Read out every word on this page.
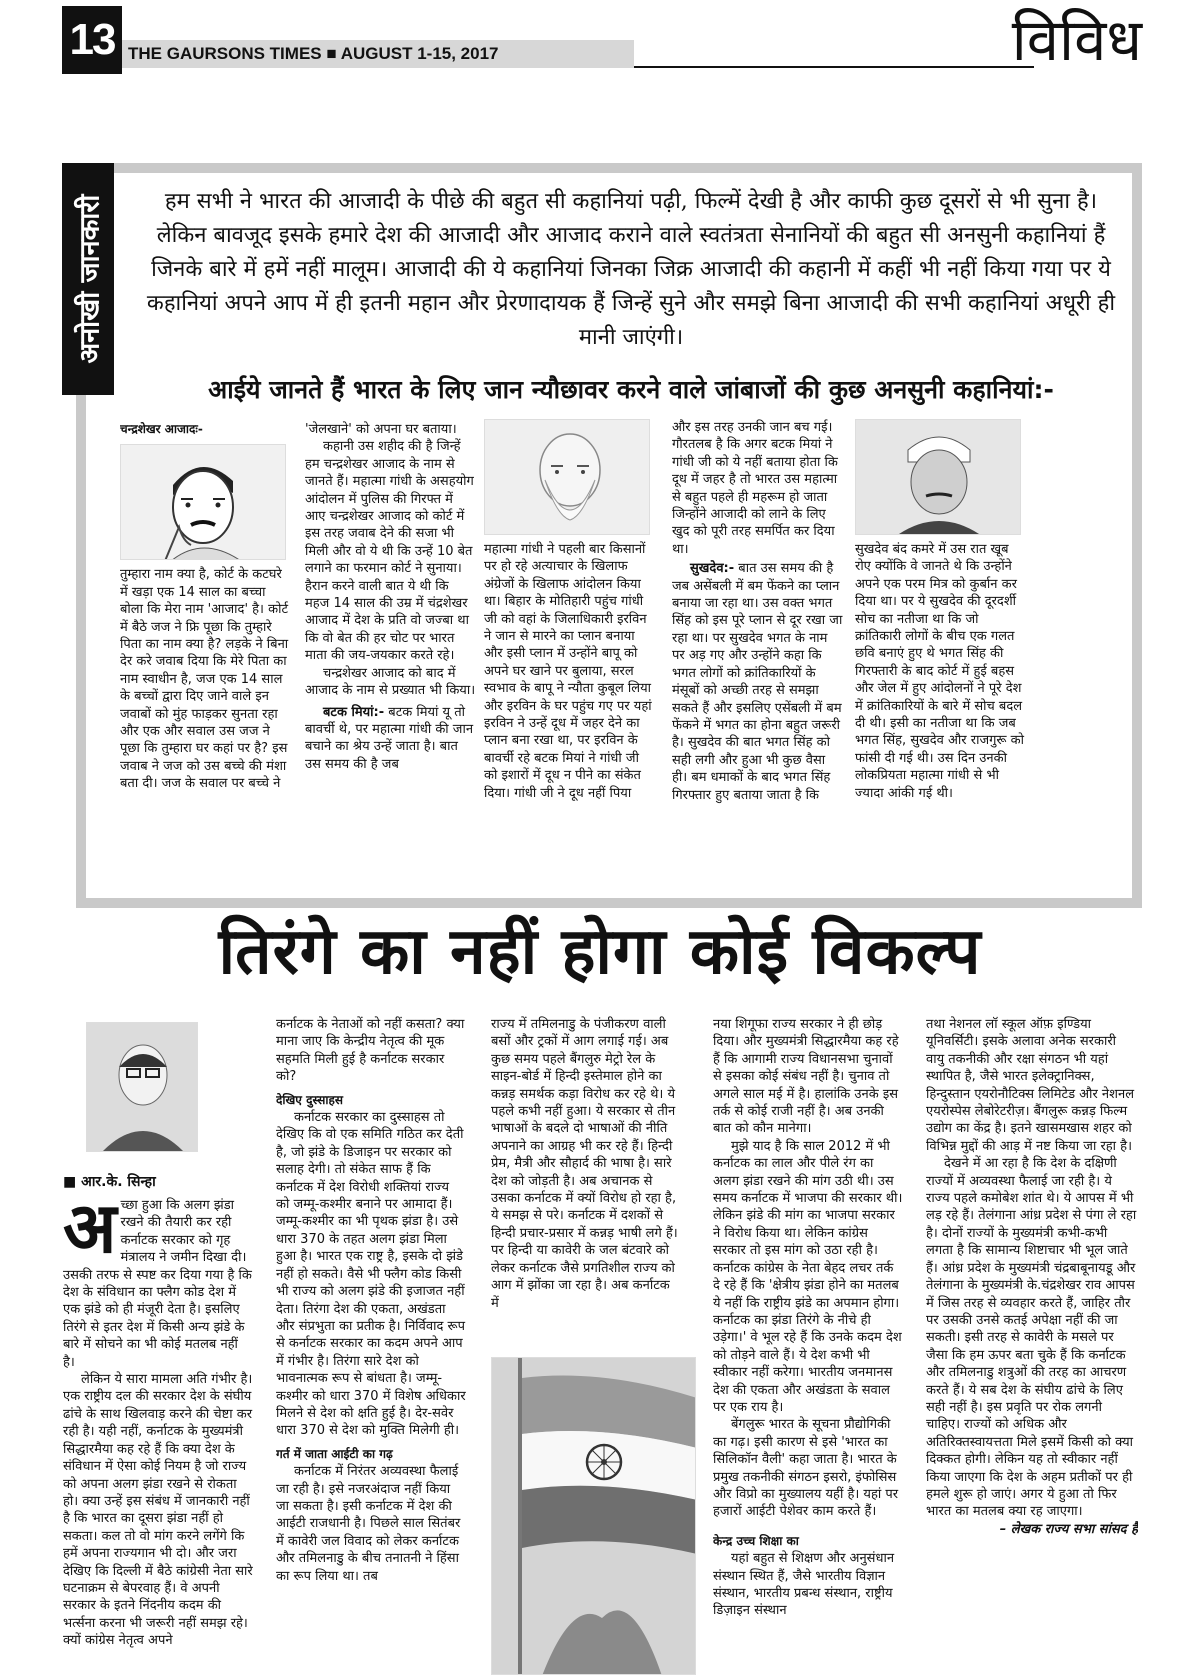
13 THE GAURSONS TIMES ■ AUGUST 1-15, 2017	विविध
अनोखी जानकारी	हम सभी ने भारत की आजादी के पीछे की बहुत सी कहानियां पढ़ी, फिल्में देखी है और काफी कुछ दूसरों से भी सुना है। लेकिन बावजूद इसके हमारे देश की आजादी और आजाद कराने वाले स्वतंत्रता सेनानियों की बहुत सी अनसुनी कहानियां हैं जिनके बारे में हमें नहीं मालूम। आजादी की ये कहानियां जिनका जिक्र आजादी की कहानी में कहीं भी नहीं किया गया पर ये कहानियां अपने आप में ही इतनी महान और प्रेरणादायक हैं जिन्हें सुने और समझे बिना आजादी की सभी कहानियां अधूरी ही मानी जाएंगी।

आईये जानते हैं भारत के लिए जान न्यौछावर करने वाले जांबाजों की कुछ अनसुनी कहानियां:-

चन्द्रशेखर आजादः-

तुम्हारा नाम क्या है, कोर्ट के कटघरे में खड़ा एक 14 साल का बच्चा बोला कि मेरा नाम 'आजाद' है। कोर्ट में बैठे जज ने फ्रि पूछा कि तुम्हारे पिता का नाम क्या है? लड़के ने बिना देर करे जवाब दिया कि मेरे पिता का नाम स्वाधीन है, जज एक 14 साल के बच्चों द्वारा दिए जाने वाले इन जवाबों को मुंह फाड़कर सुनता रहा और एक और सवाल उस जज ने पूछा कि तुम्हारा घर कहां पर है? इस जवाब ने जज को उस बच्चे की मंशा बता दी। जज के सवाल पर बच्चे ने

'जेलखाने' को अपना घर बताया।

कहानी उस शहीद की है जिन्हें हम चन्द्रशेखर आजाद के नाम से जानते हैं। महात्मा गांधी के असहयोग आंदोलन में पुलिस की गिरफ्त में आए चन्द्रशेखर आजाद को कोर्ट में इस तरह जवाब देने की सजा भी मिली और वो ये थी कि उन्हें 10 बेत लगाने का फरमान कोर्ट ने सुनाया। हैरान करने वाली बात ये थी कि महज 14 साल की उम्र में चंद्रशेखर आजाद में देश के प्रति वो जज्बा था कि वो बेत की हर चोट पर भारत माता की जय-जयकार करते रहे।

चन्द्रशेखर आजाद को बाद में आजाद के नाम से प्रख्यात भी किया।

बटक मियां:- बटक मियां यू तो बावर्ची थे, पर महात्मा गांधी की जान बचाने का श्रेय उन्हें जाता है। बात उस समय की है जब

महात्मा गांधी ने पहली बार किसानों पर हो रहे अत्याचार के खिलाफ अंग्रेजों के खिलाफ आंदोलन किया था। बिहार के मोतिहारी पहुंच गांधी जी को वहां के जिलाधिकारी इरविन ने जान से मारने का प्लान बनाया और इसी प्लान में उन्होंने बापू को अपने घर खाने पर बुलाया, सरल स्वभाव के बापू ने न्यौता कुबूल लिया और इरविन के घर पहुंच गए पर यहां इरविन ने उन्हें दूध में जहर देने का प्लान बना रखा था, पर इरविन के बावर्ची रहे बटक मियां ने गांधी जी को इशारों में दूध न पीने का संकेत दिया। गांधी जी ने दूध नहीं पिया

और इस तरह उनकी जान बच गई। गौरतलब है कि अगर बटक मियां ने गांधी जी को ये नहीं बताया होता कि दूध में जहर है तो भारत उस महात्मा से बहुत पहले ही महरूम हो जाता जिन्होंने आजादी को लाने के लिए खुद को पूरी तरह समर्पित कर दिया था।

सुखदेव:- बात उस समय की है जब असेंबली में बम फेंकने का प्लान बनाया जा रहा था। उस वक्त भगत सिंह को इस पूरे प्लान से दूर रखा जा रहा था। पर सुखदेव भगत के नाम पर अड़ गए और उन्होंने कहा कि भगत लोगों को क्रांतिकारियों के मंसूबों को अच्छी तरह से समझा सकते हैं और इसलिए एसेंबली में बम फेंकने में भगत का होना बहुत जरूरी है। सुखदेव की बात भगत सिंह को सही लगी और हुआ भी कुछ वैसा ही। बम धमाकों के बाद भगत सिंह गिरफ्तार हुए बताया जाता है कि

सुखदेव बंद कमरे में उस रात खूब रोए क्योंकि वे जानते थे कि उन्होंने अपने एक परम मित्र को कुर्बान कर दिया था। पर ये सुखदेव की दूरदर्शी सोच का नतीजा था कि जो क्रांतिकारी लोगों के बीच एक गलत छवि बनाएं हुए थे भगत सिंह की गिरफ्तारी के बाद कोर्ट में हुई बहस और जेल में हुए आंदोलनों ने पूरे देश में क्रांतिकारियों के बारे में सोच बदल दी थी। इसी का नतीजा था कि जब भगत सिंह, सुखदेव और राजगुरू को फांसी दी गई थी। उस दिन उनकी लोकप्रियता महात्मा गांधी से भी ज्यादा आंकी गई थी।

तिरंगे का नहीं होगा कोई विकल्प
■ आर.के. सिन्हा

अच्छा हुआ कि अलग झंडा रखने की तैयारी कर रही कर्नाटक सरकार को गृह मंत्रालय ने जमीन दिखा दी। उसकी तरफ से स्पष्ट कर दिया गया है कि देश के संविधान का फ्लैग कोड देश में एक झंडे को ही मंजूरी देता है। इसलिए तिरंगे से इतर देश में किसी अन्य झंडे के बारे में सोचने का भी कोई मतलब नहीं है।

लेकिन ये सारा मामला अति गंभीर है। एक राष्ट्रीय दल की सरकार देश के संघीय ढांचे के साथ खिलवाड़ करने की चेष्टा कर रही है। यही नहीं, कर्नाटक के मुख्यमंत्री सिद्धारमैया कह रहे हैं कि क्या देश के संविधान में ऐसा कोई नियम है जो राज्य को अपना अलग झंडा रखने से रोकता हो। क्या उन्हें इस संबंध में जानकारी नहीं है कि भारत का दूसरा झंडा नहीं हो सकता। कल तो वो मांग करने लगेंगे कि हमें अपना राज्यगान भी दो। और जरा देखिए कि दिल्ली में बैठे कांग्रेसी नेता सारे घटनाक्रम से बेपरवाह हैं। वे अपनी सरकार के इतने निंदनीय कदम की भर्त्सना करना भी जरूरी नहीं समझ रहे। क्यों कांग्रेस नेतृत्व अपने

कर्नाटक के नेताओं को नहीं कसता? क्या माना जाए कि केन्द्रीय नेतृत्व की मूक सहमति मिली हुई है कर्नाटक सरकार को?

देखिए दुस्साहस

कर्नाटक सरकार का दुस्साहस तो देखिए कि वो एक समिति गठित कर देती है, जो झंडे के डिजाइन पर सरकार को सलाह देगी। तो संकेत साफ हैं कि कर्नाटक में देश विरोधी शक्तियां राज्य को जम्मू-कश्मीर बनाने पर आमादा हैं। जम्मू-कश्मीर का भी पृथक झंडा है। उसे धारा 370 के तहत अलग झंडा मिला हुआ है। भारत एक राष्ट्र है, इसके दो झंडे नहीं हो सकते। वैसे भी फ्लैग कोड किसी भी राज्य को अलग झंडे की इजाजत नहीं देता। तिरंगा देश की एकता, अखंडता और संप्रभुता का प्रतीक है। निर्विवाद रूप से कर्नाटक सरकार का कदम अपने आप में गंभीर है। तिरंगा सारे देश को भावनात्मक रूप से बांधता है। जम्मू-कश्मीर को धारा 370 में विशेष अधिकार मिलने से देश को क्षति हुई है। देर-सवेर धारा 370 से देश को मुक्ति मिलेगी ही।

गर्त में जाता आईटी का गढ़

कर्नाटक में निरंतर अव्यवस्था फैलाई जा रही है। इसे नजरअंदाज नहीं किया जा सकता है। इसी कर्नाटक में देश की आईटी राजधानी है। पिछले साल सितंबर में कावेरी जल विवाद को लेकर कर्नाटक और तमिलनाडु के बीच तनातनी ने हिंसा का रूप लिया था। तब

राज्य में तमिलनाडु के पंजीकरण वाली बसों और ट्रकों में आग लगाई गई। अब कुछ समय पहले बैंगलुरु मेट्रो रेल के साइन-बोर्ड में हिन्दी इस्तेमाल होने का कन्नड़ समर्थक कड़ा विरोध कर रहे थे। ये पहले कभी नहीं हुआ। ये सरकार से तीन भाषाओं के बदले दो भाषाओं की नीति अपनाने का आग्रह भी कर रहे हैं। हिन्दी प्रेम, मैत्री और सौहार्द की भाषा है। सारे देश को जोड़ती है। अब अचानक से उसका कर्नाटक में क्यों विरोध हो रहा है, ये समझ से परे। कर्नाटक में दशकों से हिन्दी प्रचार-प्रसार में कन्नड़ भाषी लगे हैं। पर हिन्दी या कावेरी के जल बंटवारे को लेकर कर्नाटक जैसे प्रगतिशील राज्य को आग में झोंका जा रहा है। अब कर्नाटक में

नया शिगूफा राज्य सरकार ने ही छोड़ दिया। और मुख्यमंत्री सिद्धारमैया कह रहे हैं कि आगामी राज्य विधानसभा चुनावों से इसका कोई संबंध नहीं है। चुनाव तो अगले साल मई में है। हालांकि उनके इस तर्क से कोई राजी नहीं है। अब उनकी बात को कौन मानेगा।

मुझे याद है कि साल 2012 में भी कर्नाटक का लाल और पीले रंग का अलग झंडा रखने की मांग उठी थी। उस समय कर्नाटक में भाजपा की सरकार थी। लेकिन झंडे की मांग का भाजपा सरकार ने विरोध किया था। लेकिन कांग्रेस सरकार तो इस मांग को उठा रही है। कर्नाटक कांग्रेस के नेता बेहद लचर तर्क दे रहे हैं कि 'क्षेत्रीय झंडा होने का मतलब ये नहीं कि राष्ट्रीय झंडे का अपमान होगा। कर्नाटक का झंडा तिरंगे के नीचे ही उड़ेगा।' वे भूल रहे हैं कि उनके कदम देश को तोड़ने वाले हैं। ये देश कभी भी स्वीकार नहीं करेगा। भारतीय जनमानस देश की एकता और अखंडता के सवाल पर एक राय है।

बेंगलुरू भारत के सूचना प्रौद्योगिकी का गढ़। इसी कारण से इसे 'भारत का सिलिकॉन वैली' कहा जाता है। भारत के प्रमुख तकनीकी संगठन इसरो, इंफोसिस और विप्रो का मुख्यालय यहीं है। यहां पर हजारों आईटी पेशेवर काम करते हैं।

केन्द्र उच्च शिक्षा का

यहां बहुत से शिक्षण और अनुसंधान संस्थान स्थित हैं, जैसे भारतीय विज्ञान संस्थान, भारतीय प्रबन्ध संस्थान, राष्ट्रीय डिज़ाइन संस्थान

तथा नेशनल लॉ स्कूल ऑफ़ इण्डिया यूनिवर्सिटी। इसके अलावा अनेक सरकारी वायु तकनीकी और रक्षा संगठन भी यहां स्थापित है, जैसे भारत इलेक्ट्रानिक्स, हिन्दुस्तान एयरोनौटिक्स लिमिटेड और नेशनल एयरोस्पेस लेबोरेटरीज़। बैंगलुरू कन्नड़ फिल्म उद्योग का केंद्र है। इतने खासमखास शहर को विभिन्न मुद्दों की आड़ में नष्ट किया जा रहा है।

देखने में आ रहा है कि देश के दक्षिणी राज्यों में अव्यवस्था फैलाई जा रही है। ये राज्य पहले कमोबेश शांत थे। ये आपस में भी लड़ रहे हैं। तेलंगाना आंध्र प्रदेश से पंगा ले रहा है। दोनों राज्यों के मुख्यमंत्री कभी-कभी लगता है कि सामान्य शिष्टाचार भी भूल जाते हैं। आंध्र प्रदेश के मुख्यमंत्री चंद्रबाबूनायडू और तेलंगाना के मुख्यमंत्री के.चंद्रशेखर राव आपस में जिस तरह से व्यवहार करते हैं, जाहिर तौर पर उसकी उनसे कतई अपेक्षा नहीं की जा सकती। इसी तरह से कावेरी के मसले पर जैसा कि हम ऊपर बता चुके हैं कि कर्नाटक और तमिलनाडु शत्रुओं की तरह का आचरण करते हैं। ये सब देश के संघीय ढांचे के लिए सही नहीं है। इस प्रवृति पर रोक लगनी चाहिए। राज्यों को अधिक और अतिरिक्तस्वायत्तता मिले इसमें किसी को क्या दिक्कत होगी। लेकिन यह तो स्वीकार नहीं किया जाएगा कि देश के अहम प्रतीकों पर ही हमले शुरू हो जाएं। अगर ये हुआ तो फिर भारत का मतलब क्या रह जाएगा।

– लेखक राज्य सभा सांसद हैं
